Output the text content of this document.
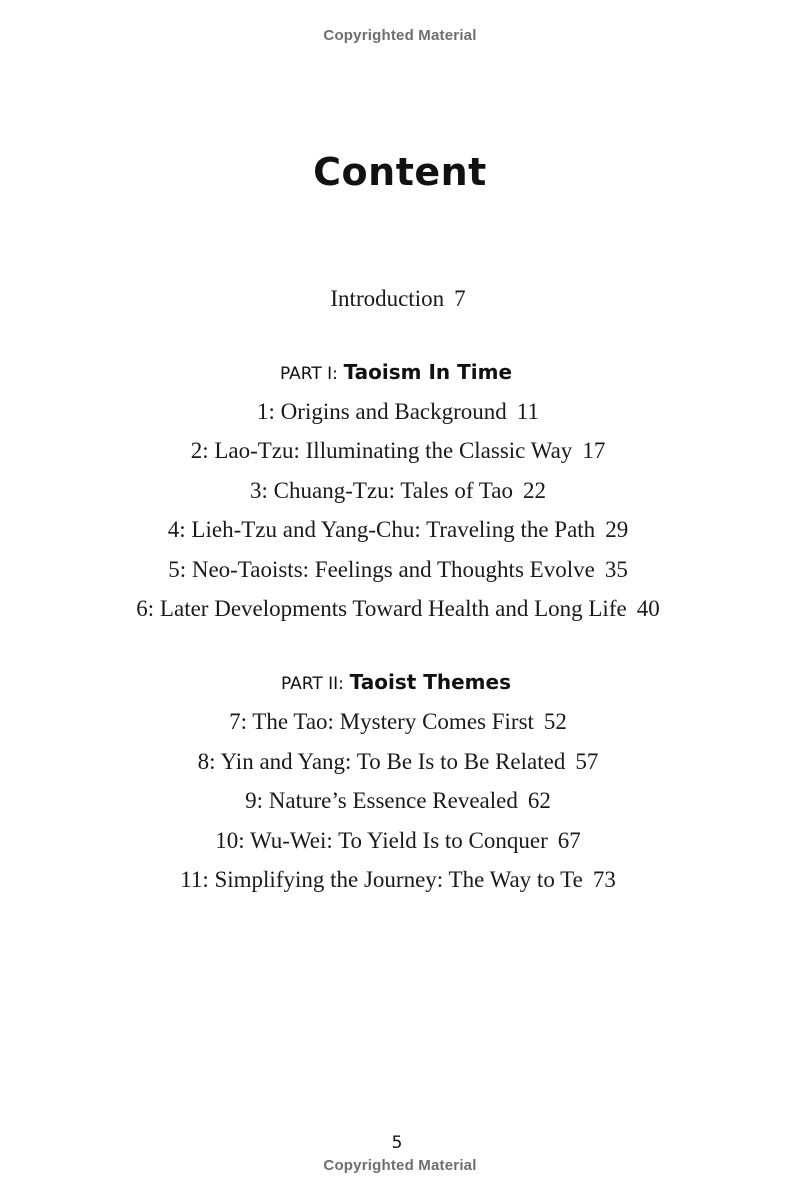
Copyrighted Material
Content
Introduction 7
PART I: Taoism In Time
1: Origins and Background 11
2: Lao-Tzu: Illuminating the Classic Way 17
3: Chuang-Tzu: Tales of Tao 22
4: Lieh-Tzu and Yang-Chu: Traveling the Path 29
5: Neo-Taoists: Feelings and Thoughts Evolve 35
6: Later Developments Toward Health and Long Life 40
PART II: Taoist Themes
7: The Tao: Mystery Comes First 52
8: Yin and Yang: To Be Is to Be Related 57
9: Nature’s Essence Revealed 62
10: Wu-Wei: To Yield Is to Conquer 67
11: Simplifying the Journey: The Way to Te 73
5
Copyrighted Material
